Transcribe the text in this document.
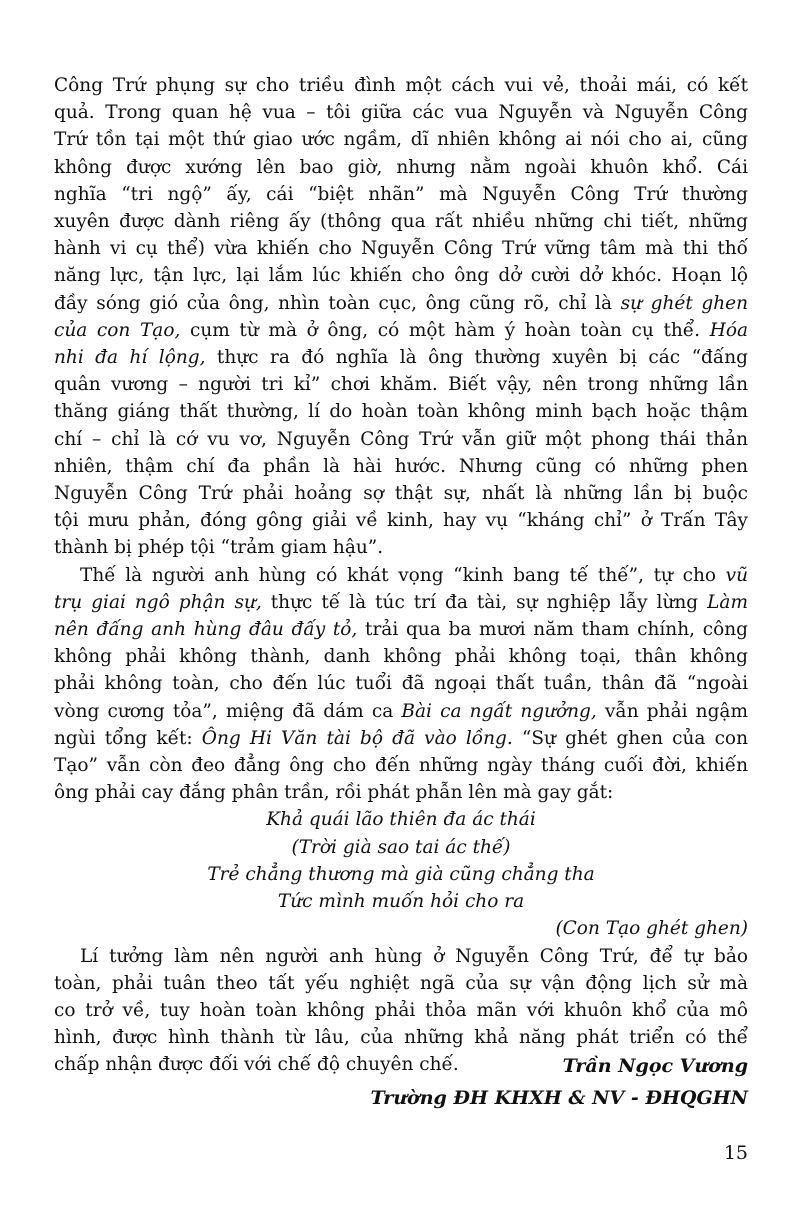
Công Trứ phụng sự cho triều đình một cách vui vẻ, thoải mái, có kết
quả. Trong quan hệ vua – tôi giữa các vua Nguyễn và Nguyễn Công
Trứ tồn tại một thứ giao ước ngầm, dĩ nhiên không ai nói cho ai, cũng
không được xướng lên bao giờ, nhưng nằm ngoài khuôn khổ. Cái
nghĩa “tri ngộ” ấy, cái “biệt nhãn” mà Nguyễn Công Trứ thường
xuyên được dành riêng ấy (thông qua rất nhiều những chi tiết, những
hành vi cụ thể) vừa khiến cho Nguyễn Công Trứ vững tâm mà thi thố
năng lực, tận lực, lại lắm lúc khiến cho ông dở cười dở khóc. Hoạn lộ
đầy sóng gió của ông, nhìn toàn cục, ông cũng rõ, chỉ là sự ghét ghen
của con Tạo, cụm từ mà ở ông, có một hàm ý hoàn toàn cụ thể. Hóa
nhi đa hí lộng, thực ra đó nghĩa là ông thường xuyên bị các “đấng
quân vương – người tri kỉ” chơi khăm. Biết vậy, nên trong những lần
thăng giáng thất thường, lí do hoàn toàn không minh bạch hoặc thậm
chí – chỉ là cớ vu vơ, Nguyễn Công Trứ vẫn giữ một phong thái thản
nhiên, thậm chí đa phần là hài hước. Nhưng cũng có những phen
Nguyễn Công Trứ phải hoảng sợ thật sự, nhất là những lần bị buộc
tội mưu phản, đóng gông giải về kinh, hay vụ “kháng chỉ” ở Trấn Tây
thành bị phép tội “trảm giam hậu”.
Thế là người anh hùng có khát vọng “kinh bang tế thế”, tự cho vũ
trụ giai ngô phận sự, thực tế là túc trí đa tài, sự nghiệp lẫy lừng Làm
nên đấng anh hùng đâu đấy tỏ, trải qua ba mươi năm tham chính, công
không phải không thành, danh không phải không toại, thân không
phải không toàn, cho đến lúc tuổi đã ngoại thất tuần, thân đã “ngoài
vòng cương tỏa”, miệng đã dám ca Bài ca ngất ngưởng, vẫn phải ngậm
ngùi tổng kết: Ông Hi Văn tài bộ đã vào lồng. “Sự ghét ghen của con
Tạo” vẫn còn đeo đẳng ông cho đến những ngày tháng cuối đời, khiến
ông phải cay đắng phân trần, rồi phát phẫn lên mà gay gắt:
Khả quái lão thiên đa ác thái
(Trời già sao tai ác thế)
Trẻ chẳng thương mà già cũng chẳng tha
Tức mình muốn hỏi cho ra
(Con Tạo ghét ghen)
Lí tưởng làm nên người anh hùng ở Nguyễn Công Trứ, để tự bảo
toàn, phải tuân theo tất yếu nghiệt ngã của sự vận động lịch sử mà
co trở về, tuy hoàn toàn không phải thỏa mãn với khuôn khổ của mô
hình, được hình thành từ lâu, của những khả năng phát triển có thể
chấp nhận được đối với chế độ chuyên chế.	Trần Ngọc Vương
Trường ĐH KHXH & NV - ĐHQGHN
15
